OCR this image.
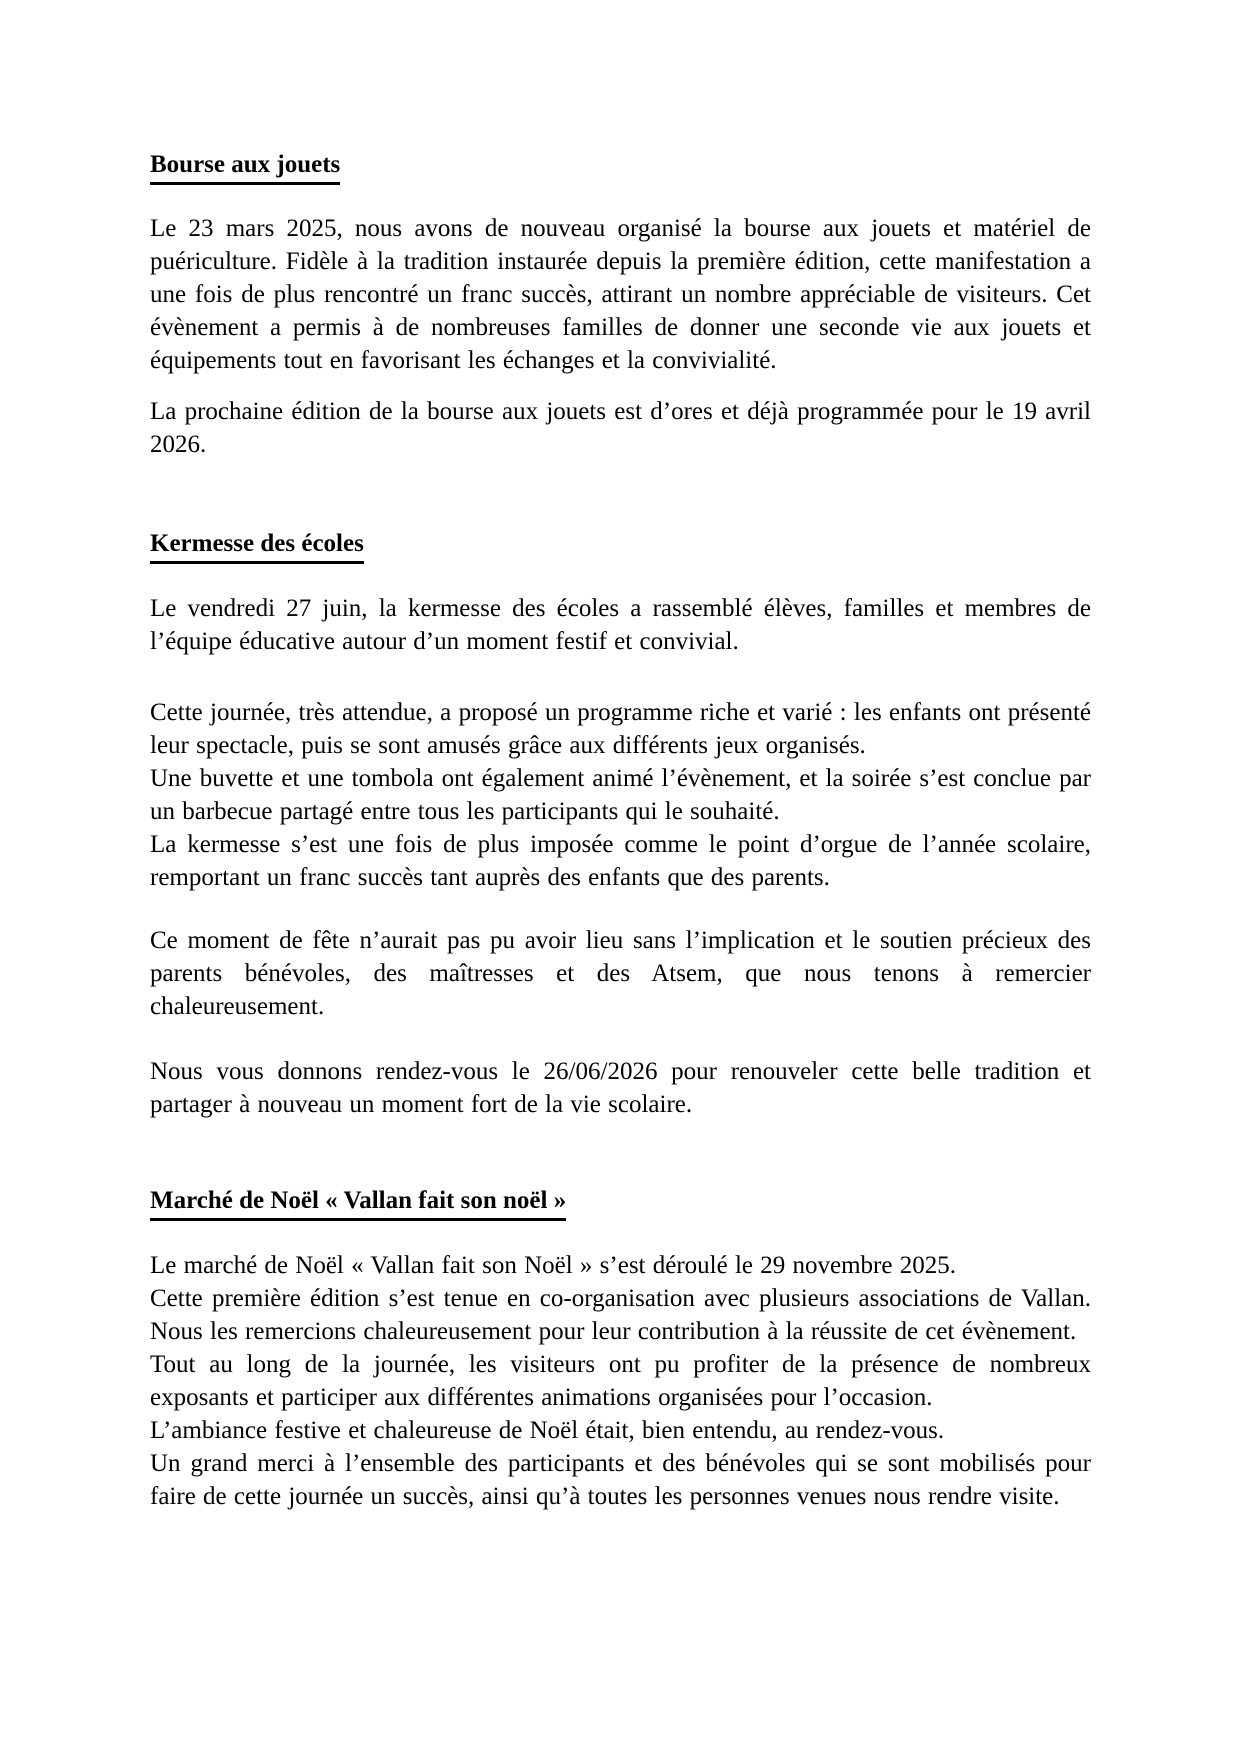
Bourse aux jouets

Le 23 mars 2025, nous avons de nouveau organisé la bourse aux jouets et matériel de puériculture. Fidèle à la tradition instaurée depuis la première édition, cette manifestation a une fois de plus rencontré un franc succès, attirant un nombre appréciable de visiteurs. Cet évènement a permis à de nombreuses familles de donner une seconde vie aux jouets et équipements tout en favorisant les échanges et la convivialité.

La prochaine édition de la bourse aux jouets est d’ores et déjà programmée pour le 19 avril 2026.

Kermesse des écoles

Le vendredi 27 juin, la kermesse des écoles a rassemblé élèves, familles et membres de l’équipe éducative autour d’un moment festif et convivial.

Cette journée, très attendue, a proposé un programme riche et varié : les enfants ont présenté leur spectacle, puis se sont amusés grâce aux différents jeux organisés.

Une buvette et une tombola ont également animé l’évènement, et la soirée s’est conclue par un barbecue partagé entre tous les participants qui le souhaité.

La kermesse s’est une fois de plus imposée comme le point d’orgue de l’année scolaire, remportant un franc succès tant auprès des enfants que des parents.

Ce moment de fête n’aurait pas pu avoir lieu sans l’implication et le soutien précieux des parents bénévoles, des maîtresses et des Atsem, que nous tenons à remercier chaleureusement.

Nous vous donnons rendez-vous le 26/06/2026 pour renouveler cette belle tradition et partager à nouveau un moment fort de la vie scolaire.

Marché de Noël « Vallan fait son noël »

Le marché de Noël « Vallan fait son Noël » s’est déroulé le 29 novembre 2025.

Cette première édition s’est tenue en co-organisation avec plusieurs associations de Vallan.

Nous les remercions chaleureusement pour leur contribution à la réussite de cet évènement.

Tout au long de la journée, les visiteurs ont pu profiter de la présence de nombreux exposants et participer aux différentes animations organisées pour l’occasion.

L’ambiance festive et chaleureuse de Noël était, bien entendu, au rendez-vous.

Un grand merci à l’ensemble des participants et des bénévoles qui se sont mobilisés pour faire de cette journée un succès, ainsi qu’à toutes les personnes venues nous rendre visite.
